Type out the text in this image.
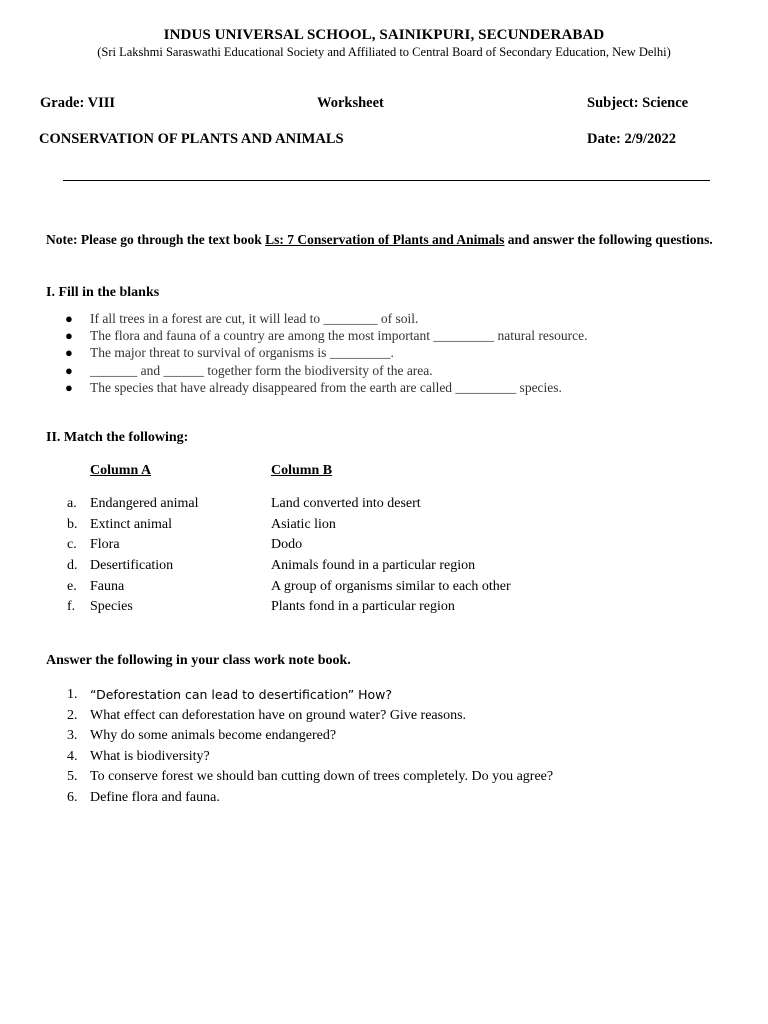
INDUS UNIVERSAL SCHOOL, SAINIKPURI, SECUNDERABAD
(Sri Lakshmi Saraswathi Educational Society and Affiliated to Central Board of Secondary Education, New Delhi)
Grade: VIII	Worksheet	Subject: Science
CONSERVATION OF PLANTS AND ANIMALS	Date: 2/9/2022
Note: Please go through the text book Ls: 7 Conservation of Plants and Animals and answer the following questions.
I. Fill in the blanks
● If all trees in a forest are cut, it will lead to ________ of soil.
● The flora and fauna of a country are among the most important _________ natural resource.
● The major threat to survival of organisms is _________.
● _______ and ______ together form the biodiversity of the area.
● The species that have already disappeared from the earth are called _________ species.
II. Match the following:
Column A	Column B
a. Endangered animal	Land converted into desert
b. Extinct animal	Asiatic lion
c. Flora	Dodo
d. Desertification	Animals found in a particular region
e. Fauna	A group of organisms similar to each other
f. Species	Plants fond in a particular region
Answer the following in your class work note book.
1. “Deforestation can lead to desertification” How?
2. What effect can deforestation have on ground water? Give reasons.
3. Why do some animals become endangered?
4. What is biodiversity?
5. To conserve forest we should ban cutting down of trees completely. Do you agree?
6. Define flora and fauna.
